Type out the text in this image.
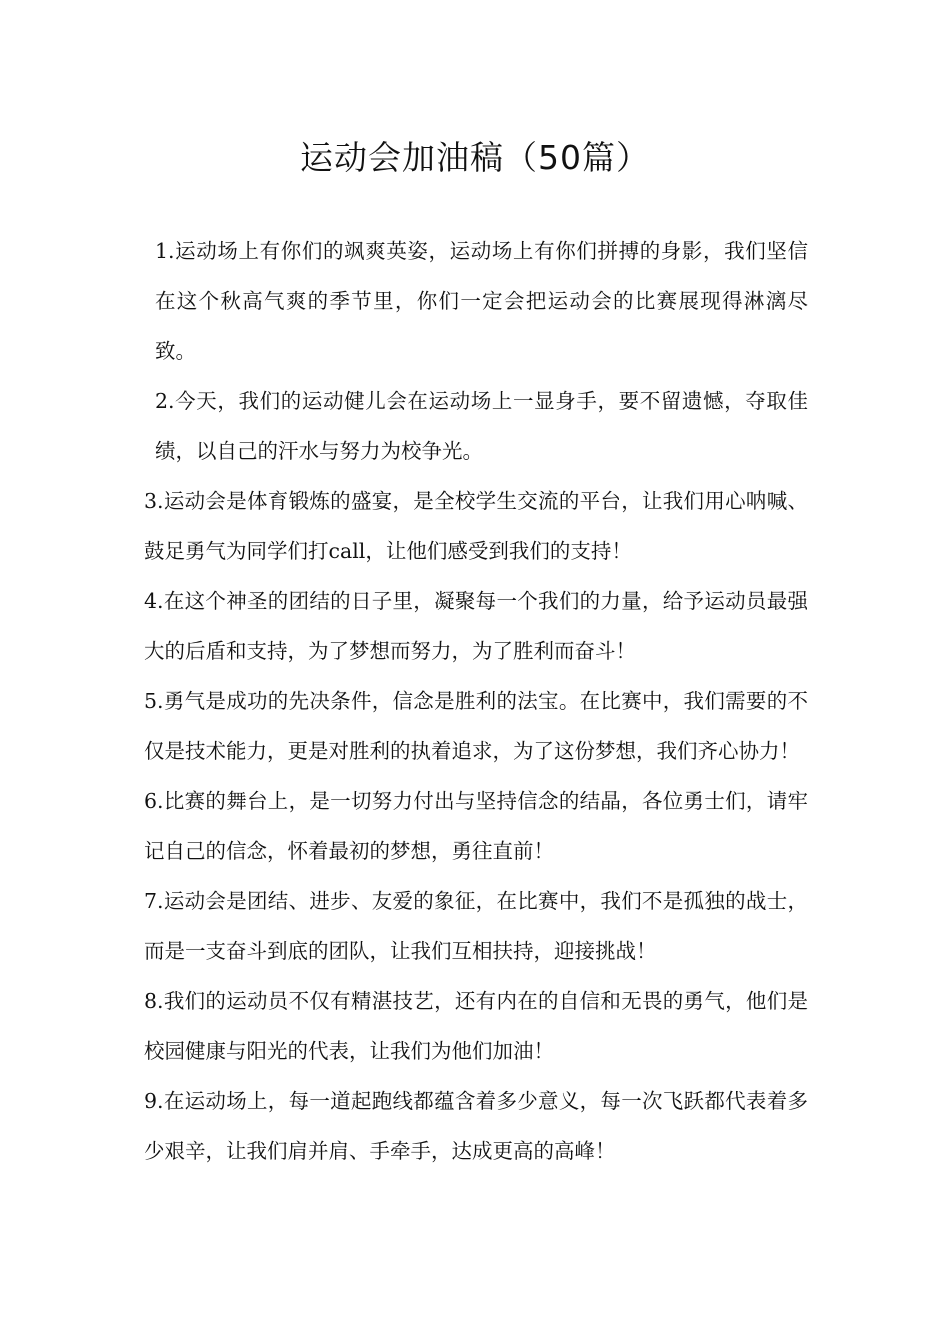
运动会加油稿（50篇）

1.运动场上有你们的飒爽英姿，运动场上有你们拼搏的身影，我们坚信在这个秋高气爽的季节里，你们一定会把运动会的比赛展现得淋漓尽致。

2.今天，我们的运动健儿会在运动场上一显身手，要不留遗憾，夺取佳绩，以自己的汗水与努力为校争光。

3.运动会是体育锻炼的盛宴，是全校学生交流的平台，让我们用心呐喊、鼓足勇气为同学们打call，让他们感受到我们的支持！

4.在这个神圣的团结的日子里，凝聚每一个我们的力量，给予运动员最强大的后盾和支持，为了梦想而努力，为了胜利而奋斗！

5.勇气是成功的先决条件，信念是胜利的法宝。在比赛中，我们需要的不仅是技术能力，更是对胜利的执着追求，为了这份梦想，我们齐心协力！

6.比赛的舞台上，是一切努力付出与坚持信念的结晶，各位勇士们，请牢记自己的信念，怀着最初的梦想，勇往直前！

7.运动会是团结、进步、友爱的象征，在比赛中，我们不是孤独的战士，而是一支奋斗到底的团队，让我们互相扶持，迎接挑战！

8.我们的运动员不仅有精湛技艺，还有内在的自信和无畏的勇气，他们是校园健康与阳光的代表，让我们为他们加油！

9.在运动场上，每一道起跑线都蕴含着多少意义，每一次飞跃都代表着多少艰辛，让我们肩并肩、手牵手，达成更高的高峰！
